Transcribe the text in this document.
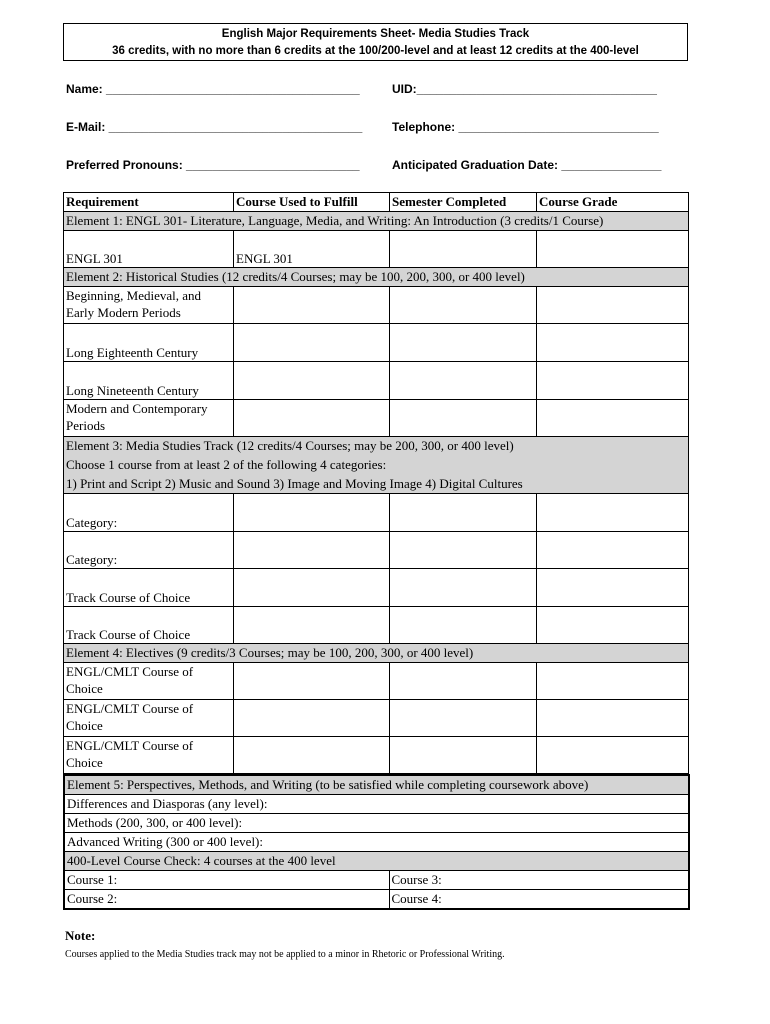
English Major Requirements Sheet- Media Studies Track
36 credits, with no more than 6 credits at the 100/200-level and at least 12 credits at the 400-level
Name: ______________________________________	UID:____________________________________
E-Mail: ______________________________________ Telephone: ______________________________
Preferred Pronouns: __________________________	Anticipated Graduation Date: _______________
Requirement	Course Used to Fulfill	Semester Completed	Course Grade
Element 1: ENGL 301- Literature, Language, Media, and Writing: An Introduction (3 credits/1 Course)			
ENGL 301	ENGL 301		
Element 2: Historical Studies (12 credits/4 Courses; may be 100, 200, 300, or 400 level)			
Beginning, Medieval, and Early Modern Periods			
Long Eighteenth Century			
Long Nineteenth Century			
Modern and Contemporary Periods			

Element 3: Media Studies Track (12 credits/4 Courses; may be 200, 300, or 400 level)
Choose 1 course from at least 2 of the following 4 categories:
1) Print and Script 2) Music and Sound 3) Image and Moving Image 4) Digital Cultures			

Category:			
Category:			
Track Course of Choice			
Track Course of Choice			
Element 4: Electives (9 credits/3 Courses; may be 100, 200, 300, or 400 level)			
ENGL/CMLT Course of Choice			
ENGL/CMLT Course of Choice			
ENGL/CMLT Course of Choice			
Element 5: Perspectives, Methods, and Writing (to be satisfied while completing coursework above)	
Differences and Diasporas (any level):	
Methods (200, 300, or 400 level):	
Advanced Writing (300 or 400 level):	
400-Level Course Check: 4 courses at the 400 level	
Course 1:	Course 3:
Course 2:	Course 4:
Note:
Courses applied to the Media Studies track may not be applied to a minor in Rhetoric or Professional Writing.
